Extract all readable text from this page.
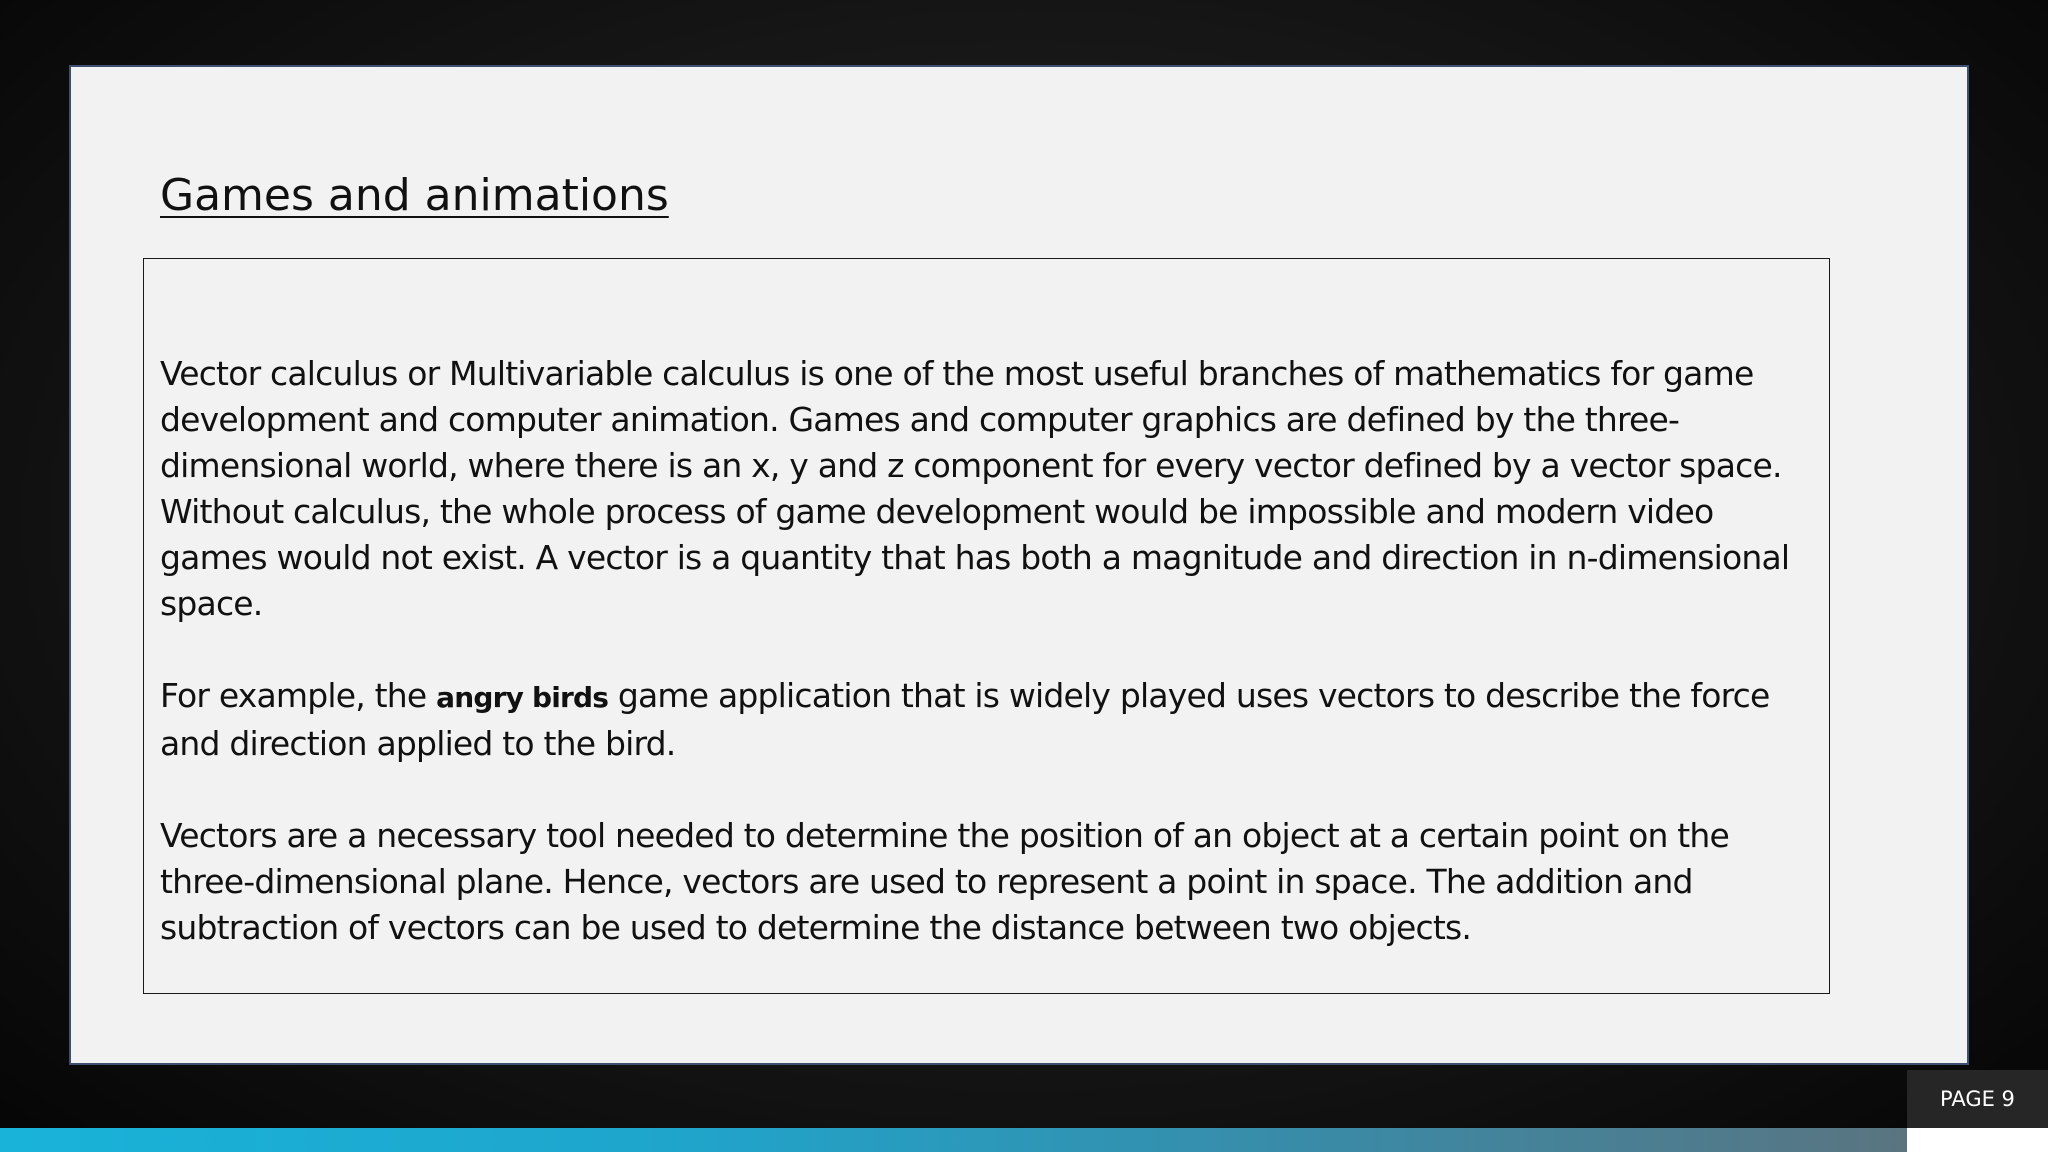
Games and animations

Vector calculus or Multivariable calculus is one of the most useful branches of mathematics for game development and computer animation. Games and computer graphics are defined by the three-dimensional world, where there is an x, y and z component for every vector defined by a vector space. Without calculus, the whole process of game development would be impossible and modern video games would not exist. A vector is a quantity that has both a magnitude and direction in n-dimensional space.

For example, the angry birds game application that is widely played uses vectors to describe the force and direction applied to the bird.

Vectors are a necessary tool needed to determine the position of an object at a certain point on the three-dimensional plane. Hence, vectors are used to represent a point in space. The addition and subtraction of vectors can be used to determine the distance between two objects.

PAGE 9
